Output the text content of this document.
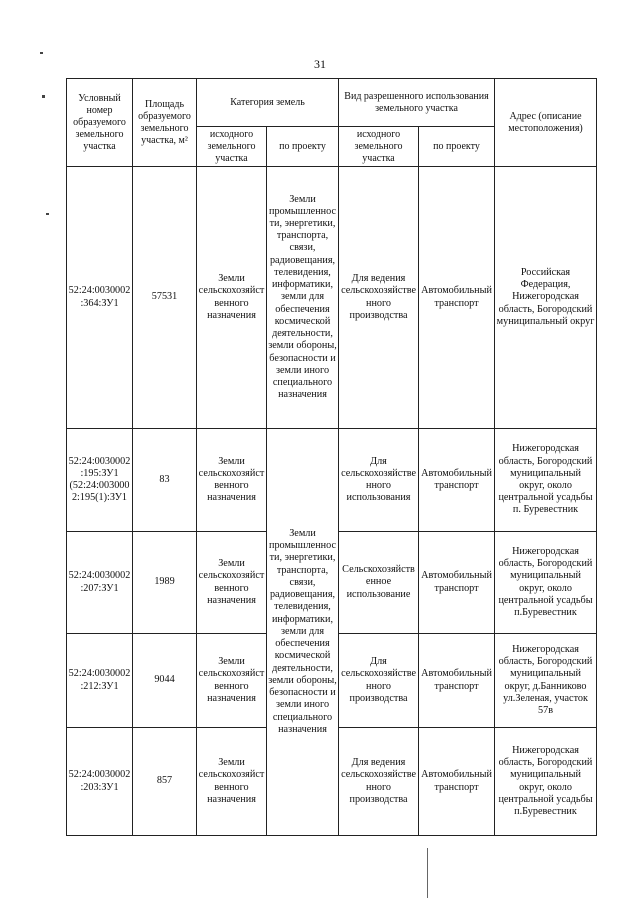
31
Условный номер образуемого земельного участка	Площадь образуемого земельного участка, м²	Категория земель		Вид разрешенного использования земельного участка		Адрес (описание местоположения)
		исходного земельного участка	по проекту	исходного земельного участка	по проекту	
52:24:0030002:364:ЗУ1	57531	Земли сельскохозяйственного назначения	Земли промышленности, энергетики, транспорта, связи, радиовещания, телевидения, информатики, земли для обеспечения космической деятельности, земли обороны, безопасности и земли иного специального назначения	Для ведения сельскохозяйственного производства	Автомобильный транспорт	Российская Федерация, Нижегородская область, Богородский муниципальный округ
52:24:0030002:195:ЗУ1 (52:24:0030002:195(1):ЗУ1	83	Земли сельскохозяйственного назначения	Земли промышленности, энергетики, транспорта, связи, радиовещания, телевидения, информатики, земли для обеспечения космической деятельности, земли обороны, безопасности и земли иного специального назначения	Для сельскохозяйственного использования	Автомобильный транспорт	Нижегородская область, Богородский муниципальный округ, около центральной усадьбы п. Буревестник
52:24:0030002:207:ЗУ1	1989	Земли сельскохозяйственного назначения		Сельскохозяйственное использование	Автомобильный транспорт	Нижегородская область, Богородский муниципальный округ, около центральной усадьбы п.Буревестник
52:24:0030002:212:ЗУ1	9044	Земли сельскохозяйственного назначения		Для сельскохозяйственного производства	Автомобильный транспорт	Нижегородская область, Богородский муниципальный округ, д.Банниково ул.Зеленая, участок 57в
52:24:0030002:203:ЗУ1	857	Земли сельскохозяйственного назначения		Для ведения сельскохозяйственного производства	Автомобильный транспорт	Нижегородская область, Богородский муниципальный округ, около центральной усадьбы п.Буревестник
